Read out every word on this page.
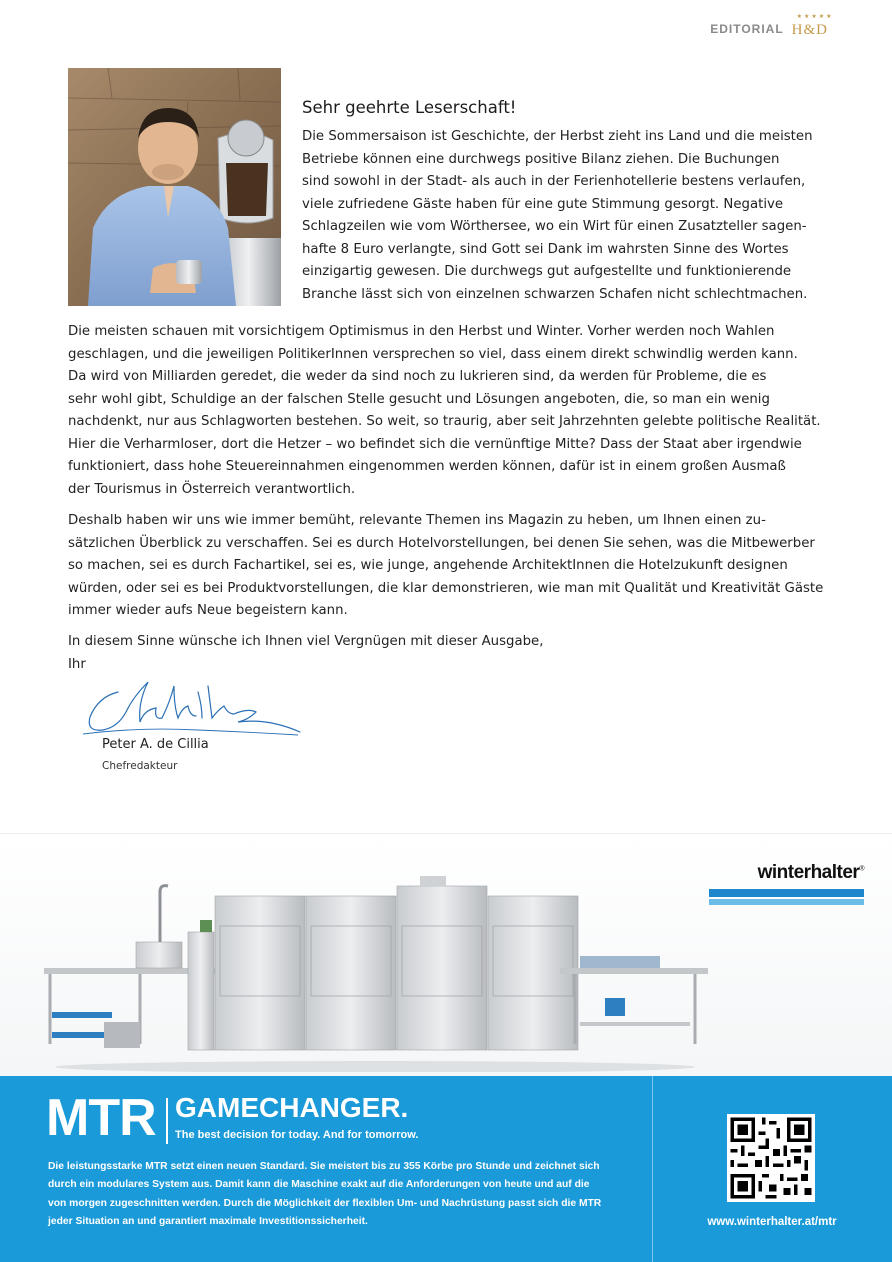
EDITORIAL
★★★★★
H&D
Sehr geehrte Leserschaft!

Die Sommersaison ist Geschichte, der Herbst zieht ins Land und die meisten
Betriebe können eine durchwegs positive Bilanz ziehen. Die Buchungen
sind sowohl in der Stadt- als auch in der Ferienhotellerie bestens verlaufen,
viele zufriedene Gäste haben für eine gute Stimmung gesorgt. Negative
Schlagzeilen wie vom Wörthersee, wo ein Wirt für einen Zusatzteller sagen-
hafte 8 Euro verlangte, sind Gott sei Dank im wahrsten Sinne des Wortes
einzigartig gewesen. Die durchwegs gut aufgestellte und funktionierende
Branche lässt sich von einzelnen schwarzen Schafen nicht schlechtmachen.

Die meisten schauen mit vorsichtigem Optimismus in den Herbst und Winter. Vorher werden noch Wahlen
geschlagen, und die jeweiligen PolitikerInnen versprechen so viel, dass einem direkt schwindlig werden kann.
Da wird von Milliarden geredet, die weder da sind noch zu lukrieren sind, da werden für Probleme, die es
sehr wohl gibt, Schuldige an der falschen Stelle gesucht und Lösungen angeboten, die, so man ein wenig
nachdenkt, nur aus Schlagworten bestehen. So weit, so traurig, aber seit Jahrzehnten gelebte politische Realität.
Hier die Verharmloser, dort die Hetzer – wo befindet sich die vernünftige Mitte? Dass der Staat aber irgendwie
funktioniert, dass hohe Steuereinnahmen eingenommen werden können, dafür ist in einem großen Ausmaß
der Tourismus in Österreich verantwortlich.

Deshalb haben wir uns wie immer bemüht, relevante Themen ins Magazin zu heben, um Ihnen einen zu-
sätzlichen Überblick zu verschaffen. Sei es durch Hotelvorstellungen, bei denen Sie sehen, was die Mitbewerber
so machen, sei es durch Fachartikel, sei es, wie junge, angehende ArchitektInnen die Hotelzukunft designen
würden, oder sei es bei Produktvorstellungen, die klar demonstrieren, wie man mit Qualität und Kreativität Gäste
immer wieder aufs Neue begeistern kann.

In diesem Sinne wünsche ich Ihnen viel Vergnügen mit dieser Ausgabe,
Ihr
Peter A. de Cillia
Chefredakteur
winterhalter®
MTR GAMECHANGER.
The best decision for today. And for tomorrow.
Die leistungsstarke MTR setzt einen neuen Standard. Sie meistert bis zu 355 Körbe pro Stunde und zeichnet sich
durch ein modulares System aus. Damit kann die Maschine exakt auf die Anforderungen von heute und auf die
von morgen zugeschnitten werden. Durch die Möglichkeit der flexiblen Um- und Nachrüstung passt sich die MTR
jeder Situation an und garantiert maximale Investitionssicherheit.	www.winterhalter.at/mtr
